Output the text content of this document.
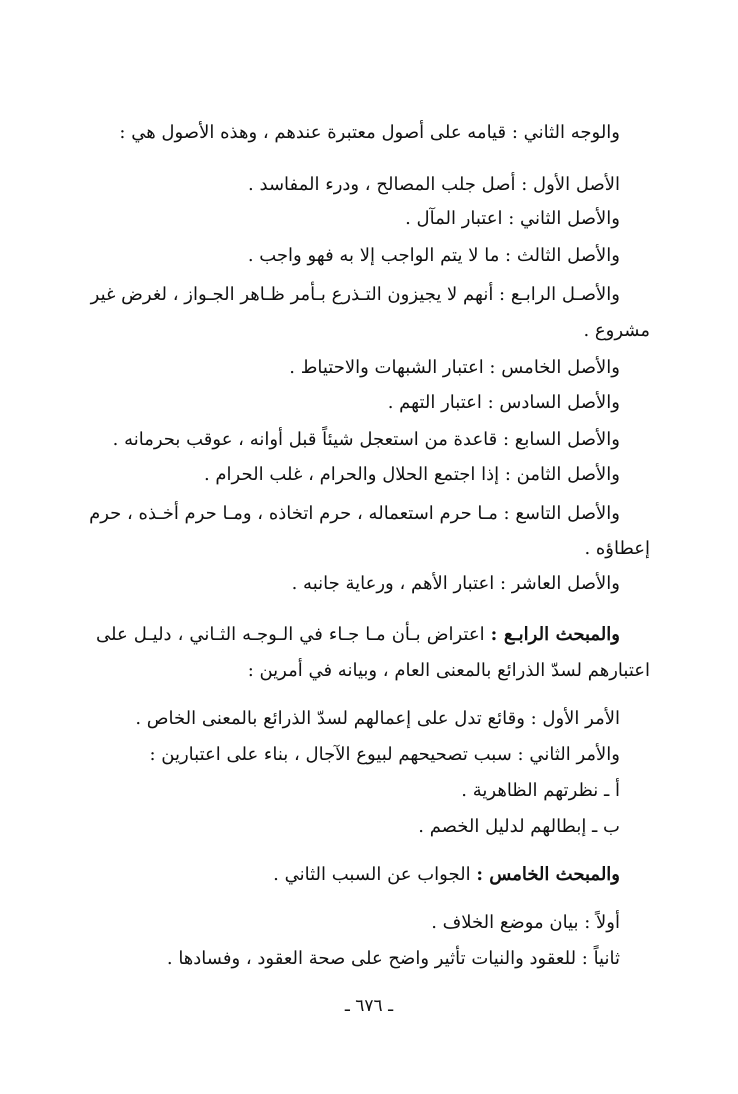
والوجه الثاني : قيامه على أصول معتبرة عندهم ، وهذه الأصول هي :
الأصل الأول : أصل جلب المصالح ، ودرء المفاسد .
والأصل الثاني : اعتبار المآل .
والأصل الثالث : ما لا يتم الواجب إلا به فهو واجب .
والأصـل الرابـع : أنهم لا يجيزون التـذرع بـأمر ظـاهر الجـواز ، لغرض غير
مشروع .
والأصل الخامس : اعتبار الشبهات والاحتياط .
والأصل السادس : اعتبار التهم .
والأصل السابع : قاعدة من استعجل شيئاً قبل أوانه ، عوقب بحرمانه .
والأصل الثامن : إذا اجتمع الحلال والحرام ، غلب الحرام .
والأصل التاسع : مـا حرم استعماله ، حرم اتخاذه ، ومـا حرم أخـذه ، حرم
إعطاؤه .
والأصل العاشر : اعتبار الأهم ، ورعاية جانبه .
والمبحث الرابـع : اعتراض بـأن مـا جـاء في الـوجـه الثـاني ، دليـل على
اعتبارهم لسدّ الذرائع بالمعنى العام ، وبيانه في أمرين :
الأمر الأول : وقائع تدل على إعمالهم لسدّ الذرائع بالمعنى الخاص .
والأمر الثاني : سبب تصحيحهم لبيوع الآجال ، بناء على اعتبارين :
أ ـ نظرتهم الظاهرية .
ب ـ إبطالهم لدليل الخصم .
والمبحث الخامس : الجواب عن السبب الثاني .
أولاً : بيان موضع الخلاف .
ثانياً : للعقود والنيات تأثير واضح على صحة العقود ، وفسادها .
ـ ٦٧٦ ـ
